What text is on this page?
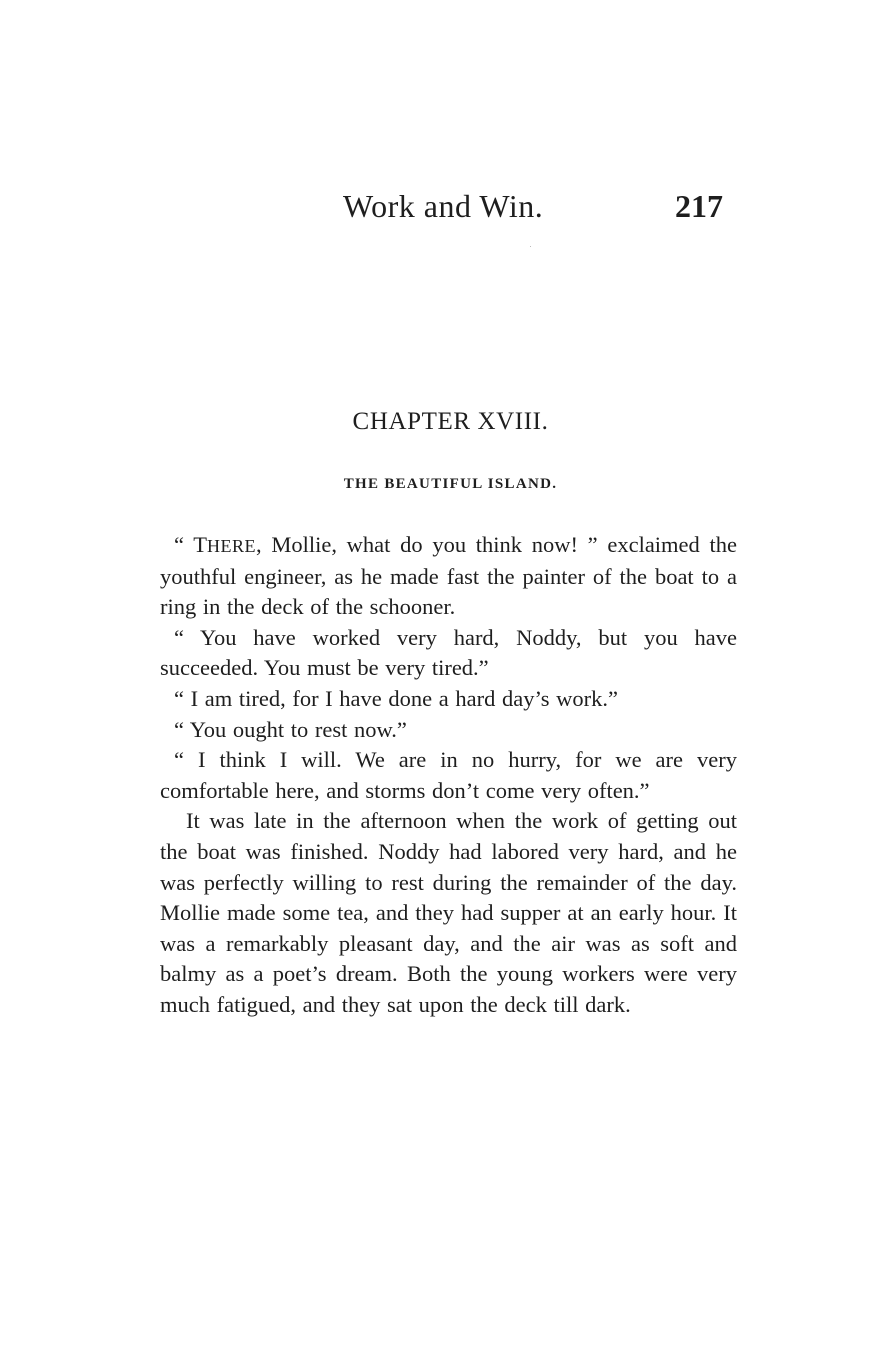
Work and Win.	217
CHAPTER XVIII.
THE BEAUTIFUL ISLAND.

“ THERE, Mollie, what do you think now! ” exclaimed the youthful engineer, as he made fast the painter of the boat to a ring in the deck of the schooner.

“ You have worked very hard, Noddy, but you have succeeded. You must be very tired.”

“ I am tired, for I have done a hard day’s work.”

“ You ought to rest now.”

“ I think I will. We are in no hurry, for we are very comfortable here, and storms don’t come very often.”

It was late in the afternoon when the work of getting out the boat was finished. Noddy had labored very hard, and he was perfectly willing to rest during the remainder of the day. Mollie made some tea, and they had supper at an early hour. It was a remarkably pleasant day, and the air was as soft and balmy as a poet’s dream. Both the young workers were very much fatigued, and they sat upon the deck till dark.
